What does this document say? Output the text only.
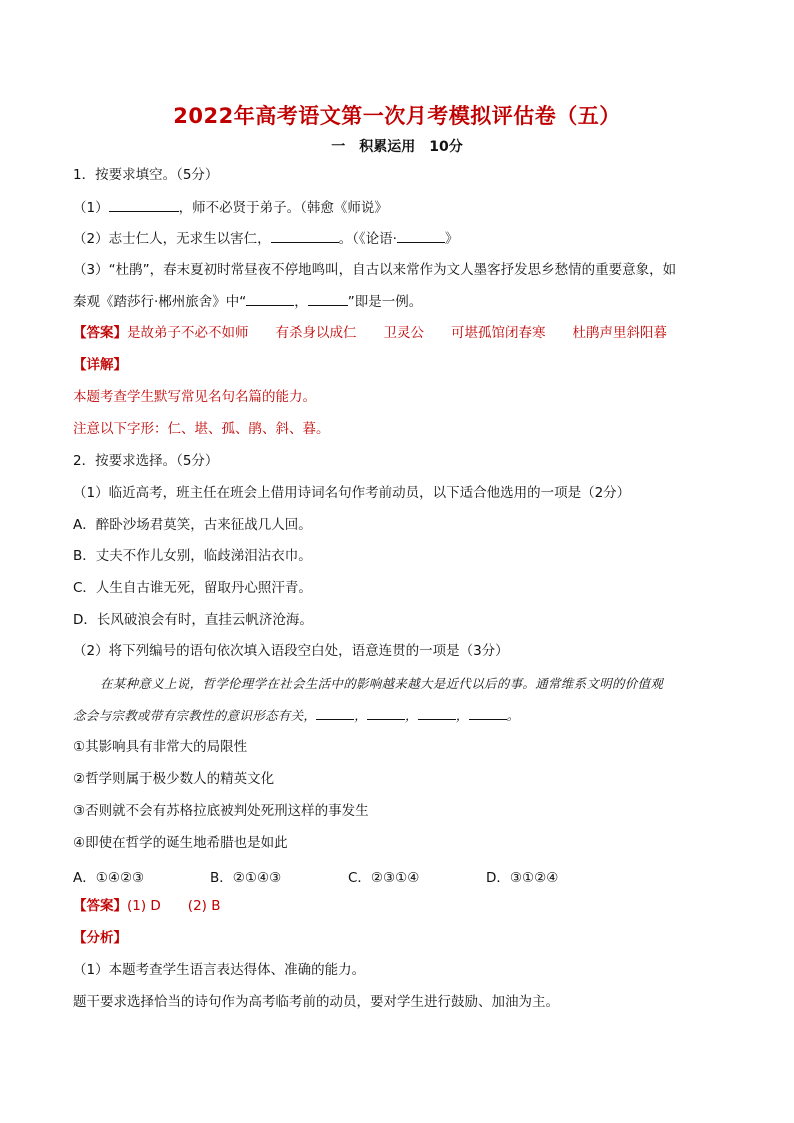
2022年高考语文第一次月考模拟评估卷（五）
一　积累运用　10分
1．按要求填空。（5分）
（1）	，师不必贤于弟子。（韩愈《师说》
（2）志士仁人，无求生以害仁，	。（《论语·	》
（3）“杜鹃”，春末夏初时常昼夜不停地鸣叫，自古以来常作为文人墨客抒发思乡愁情的重要意象，如
秦观《踏莎行·郴州旅舍》中“	，	”即是一例。
【答案】是故弟子不必不如师　　有杀身以成仁　　卫灵公　　可堪孤馆闭春寒　　杜鹃声里斜阳暮
【详解】
本题考查学生默写常见名句名篇的能力。
注意以下字形：仁、堪、孤、鹃、斜、暮。
2．按要求选择。（5分）
（1）临近高考，班主任在班会上借用诗词名句作考前动员，以下适合他选用的一项是（2分）
A．醉卧沙场君莫笑，古来征战几人回。
B．丈夫不作儿女别，临歧涕泪沾衣巾。
C．人生自古谁无死，留取丹心照汗青。
D．长风破浪会有时，直挂云帆济沧海。
（2）将下列编号的语句依次填入语段空白处，语意连贯的一项是（3分）
在某种意义上说，哲学伦理学在社会生活中的影响越来越大是近代以后的事。通常维系文明的价值观
念会与宗教或带有宗教性的意识形态有关，	，	，	，	。
①其影响具有非常大的局限性
②哲学则属于极少数人的精英文化
③否则就不会有苏格拉底被判处死刑这样的事发生
④即使在哲学的诞生地希腊也是如此
A．①④②③	B．②①④③	C．②③①④	D．③①②④
【答案】(1) D　　(2) B
【分析】
（1）本题考查学生语言表达得体、准确的能力。
题干要求选择恰当的诗句作为高考临考前的动员，要对学生进行鼓励、加油为主。
